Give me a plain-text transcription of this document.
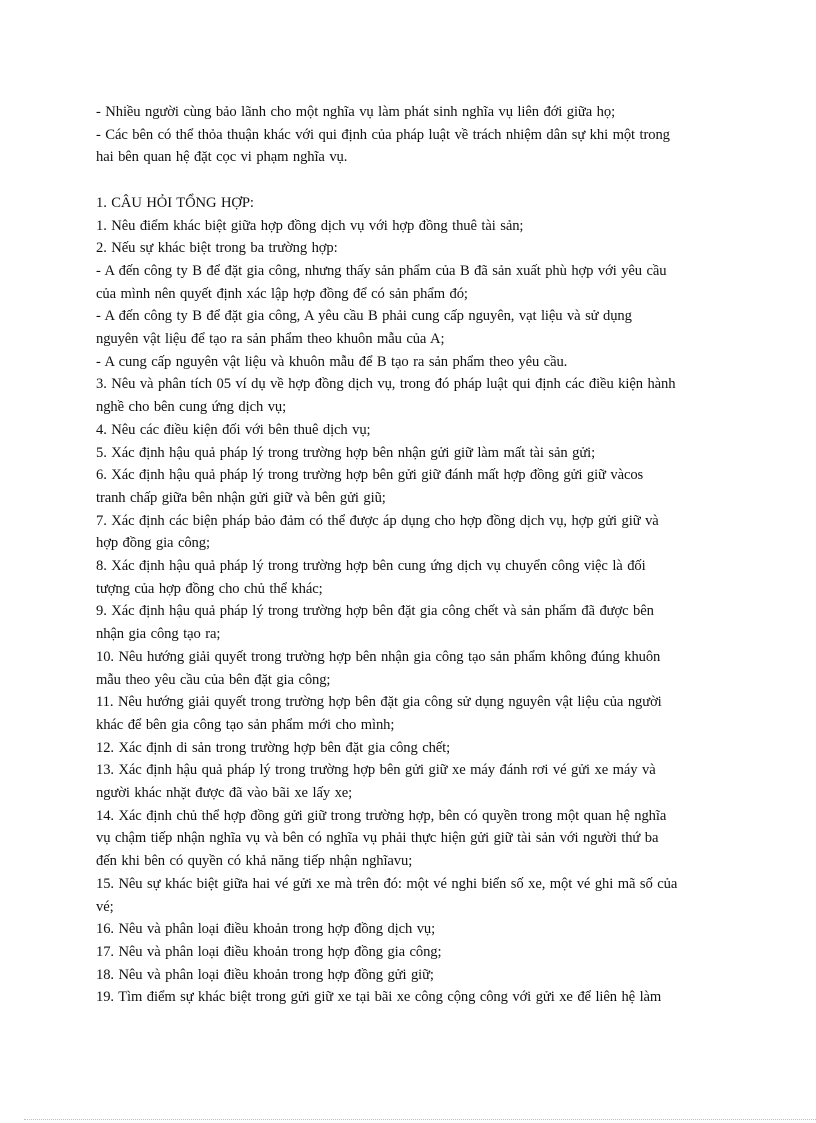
- Nhiều người cùng bảo lãnh cho một nghĩa vụ làm phát sinh nghĩa vụ liên đới giữa họ;
- Các bên có thể thỏa thuận khác với qui định của pháp luật về trách nhiệm dân sự khi một trong
hai bên quan hệ đặt cọc vi phạm nghĩa vụ.
1. CÂU HỎI TỔNG HỢP:
1. Nêu điểm khác biệt giữa hợp đồng dịch vụ với hợp đồng thuê tài sản;
2. Nếu sự khác biệt trong ba trường hợp:
- A đến công ty B để đặt gia công, nhưng thấy sản phẩm của B đã sản xuất phù hợp với yêu cầu
của mình nên quyết định xác lập hợp đồng để có sản phẩm đó;
- A đến công ty B để đặt gia công, A yêu cầu B phải cung cấp nguyên, vạt liệu và sử dụng
nguyên vật liệu để tạo ra sản phẩm theo khuôn mẫu của A;
- A cung cấp nguyên vật liệu và khuôn mẫu để B tạo ra sản phẩm theo yêu cầu.
3. Nêu và phân tích 05 ví dụ về hợp đồng dịch vụ, trong đó pháp luật qui định các điều kiện hành
nghề cho bên cung ứng dịch vụ;
4. Nêu các điều kiện đối với bên thuê dịch vụ;
5. Xác định hậu quả pháp lý trong trường hợp bên nhận gửi giữ làm mất tài sản gửi;
6. Xác định hậu quả pháp lý trong trường hợp bên gửi giữ đánh mất hợp đồng gửi giữ vàcos
tranh chấp giữa bên nhận gửi giữ và bên gửi giũ;
7. Xác định các biện pháp bảo đảm có thể được áp dụng cho hợp đồng dịch vụ, hợp gửi giữ và
hợp đồng gia công;
8. Xác định hậu quả pháp lý trong trường hợp bên cung ứng dịch vụ chuyển công việc là đối
tượng của hợp đồng cho chủ thể khác;
9. Xác định hậu quả pháp lý trong trường hợp bên đặt gia công chết và sản phẩm đã được bên
nhận gia công tạo ra;
10. Nêu hướng giải quyết trong trường hợp bên nhận gia công tạo sản phẩm không đúng khuôn
mẫu theo yêu cầu của bên đặt gia công;
11. Nêu hướng giải quyết trong trường hợp bên đặt gia công sử dụng nguyên vật liệu của người
khác để bên gia công tạo sản phẩm mới cho mình;
12. Xác định di sản trong trường hợp bên đặt gia công chết;
13. Xác định hậu quả pháp lý trong trường hợp bên gửi giữ xe máy đánh rơi vé gửi xe máy và
người khác nhặt được đã vào bãi xe lấy xe;
14. Xác định chủ thể hợp đồng gửi giữ trong trường hợp, bên có quyền trong một quan hệ nghĩa
vụ chậm tiếp nhận nghĩa vụ và bên có nghĩa vụ phải thực hiện gửi giữ tài sản với người thứ ba
đến khi bên có quyền có khả năng tiếp nhận nghĩavu;
15. Nêu sự khác biệt giữa hai vé gửi xe mà trên đó: một vé nghi biển số xe, một vé ghi mã số của
vé;
16. Nêu và phân loại điều khoản trong hợp đồng dịch vụ;
17. Nêu và phân loại điều khoản trong hợp đồng gia công;
18. Nêu và phân loại điều khoản trong hợp đồng gửi giữ;
19. Tìm điểm sự khác biệt trong gửi giữ xe tại bãi xe công cộng công với gửi xe để liên hệ làm
